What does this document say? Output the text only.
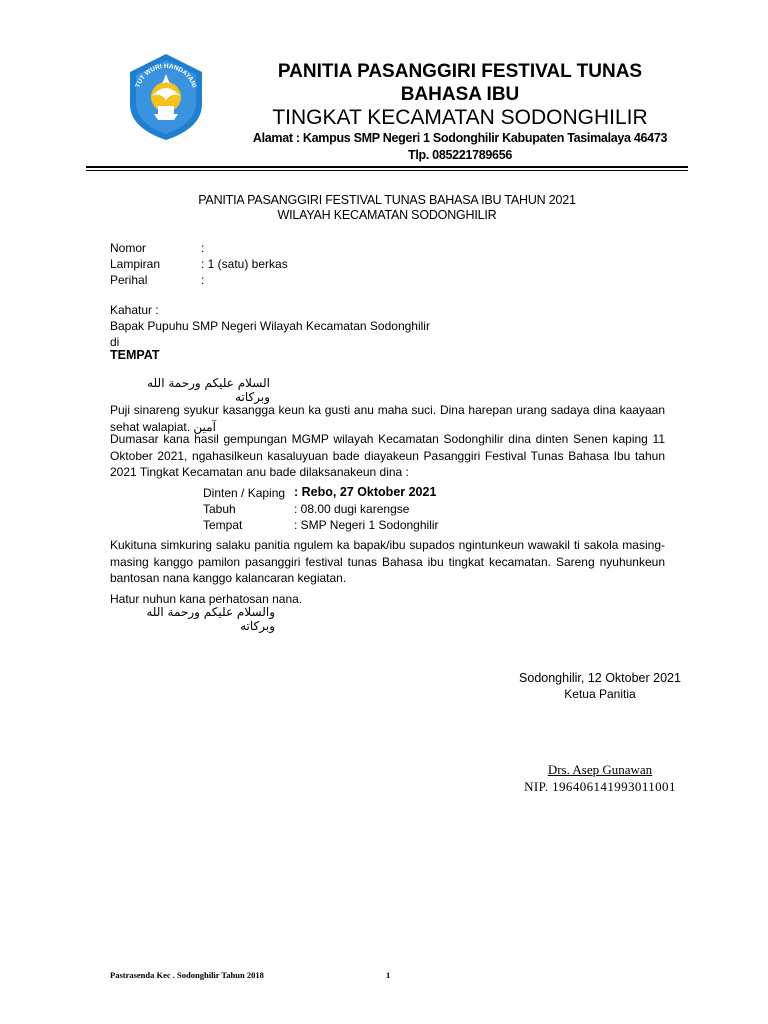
TUT WURI HANDAYANI
PANITIA PASANGGIRI FESTIVAL TUNAS
BAHASA IBU
TINGKAT KECAMATAN SODONGHILIR
Alamat : Kampus SMP Negeri 1 Sodonghilir Kabupaten Tasimalaya 46473
Tlp. 085221789656
PANITIA PASANGGIRI FESTIVAL TUNAS BAHASA IBU TAHUN 2021
WILAYAH KECAMATAN SODONGHILIR
Nomor	:
Lampiran	: 1 (satu) berkas
Perihal	:
Kahatur :
Bapak Pupuhu SMP Negeri Wilayah Kecamatan Sodonghilir
di
TEMPAT
السلام عليكم ورحمة الله وبركاته
Puji sinareng syukur kasangga keun ka gusti anu maha suci. Dina harepan urang sadaya dina kaayaan sehat walapiat. آمين
Dumasar kana hasil gempungan MGMP wilayah Kecamatan Sodonghilir dina dinten Senen kaping 11 Oktober 2021, ngahasilkeun kasaluyuan bade diayakeun Pasanggiri Festival Tunas Bahasa Ibu tahun 2021 Tingkat Kecamatan anu bade dilaksanakeun dina :
Dinten / Kaping : Rebo, 27 Oktober 2021
Tabuh	: 08.00 dugi karengse
Tempat	: SMP Negeri 1 Sodonghilir
Kukituna simkuring salaku panitia ngulem ka bapak/ibu supados ngintunkeun wawakil ti sakola masing-masing kanggo pamilon pasanggiri festival tunas Bahasa ibu tingkat kecamatan. Sareng nyuhunkeun bantosan nana kanggo kalancaran kegiatan.
Hatur nuhun kana perhatosan nana.
والسلام عليكم ورحمة الله وبركاته
Sodonghilir, 12 Oktober 2021
Ketua Panitia
Drs. Asep Gunawan
NIP. 196406141993011001
Pastrasenda Kec . Sodonghilir Tahun 2018	1
